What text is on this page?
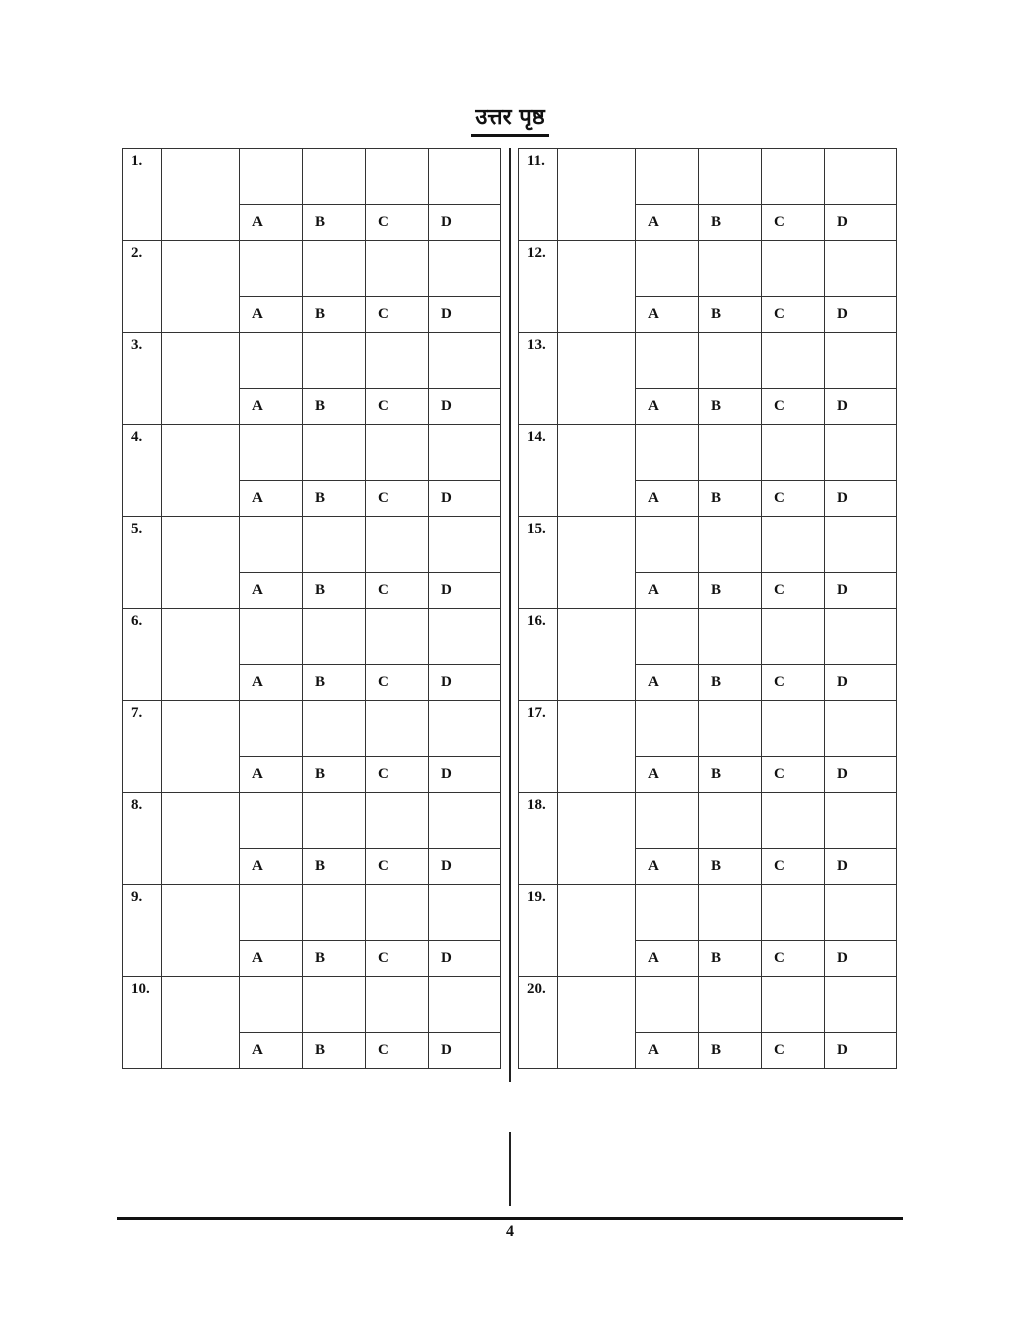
उत्तर पृष्ठ
1.					
		A	B	C	D
2.					
		A	B	C	D
3.					
		A	B	C	D
4.					
		A	B	C	D
5.					
		A	B	C	D
6.					
		A	B	C	D
7.					
		A	B	C	D
8.					
		A	B	C	D
9.					
		A	B	C	D
10.					
		A	B	C	D
11.					
		A	B	C	D
12.					
		A	B	C	D
13.					
		A	B	C	D
14.					
		A	B	C	D
15.					
		A	B	C	D
16.					
		A	B	C	D
17.					
		A	B	C	D
18.					
		A	B	C	D
19.					
		A	B	C	D
20.					
		A	B	C	D
4
